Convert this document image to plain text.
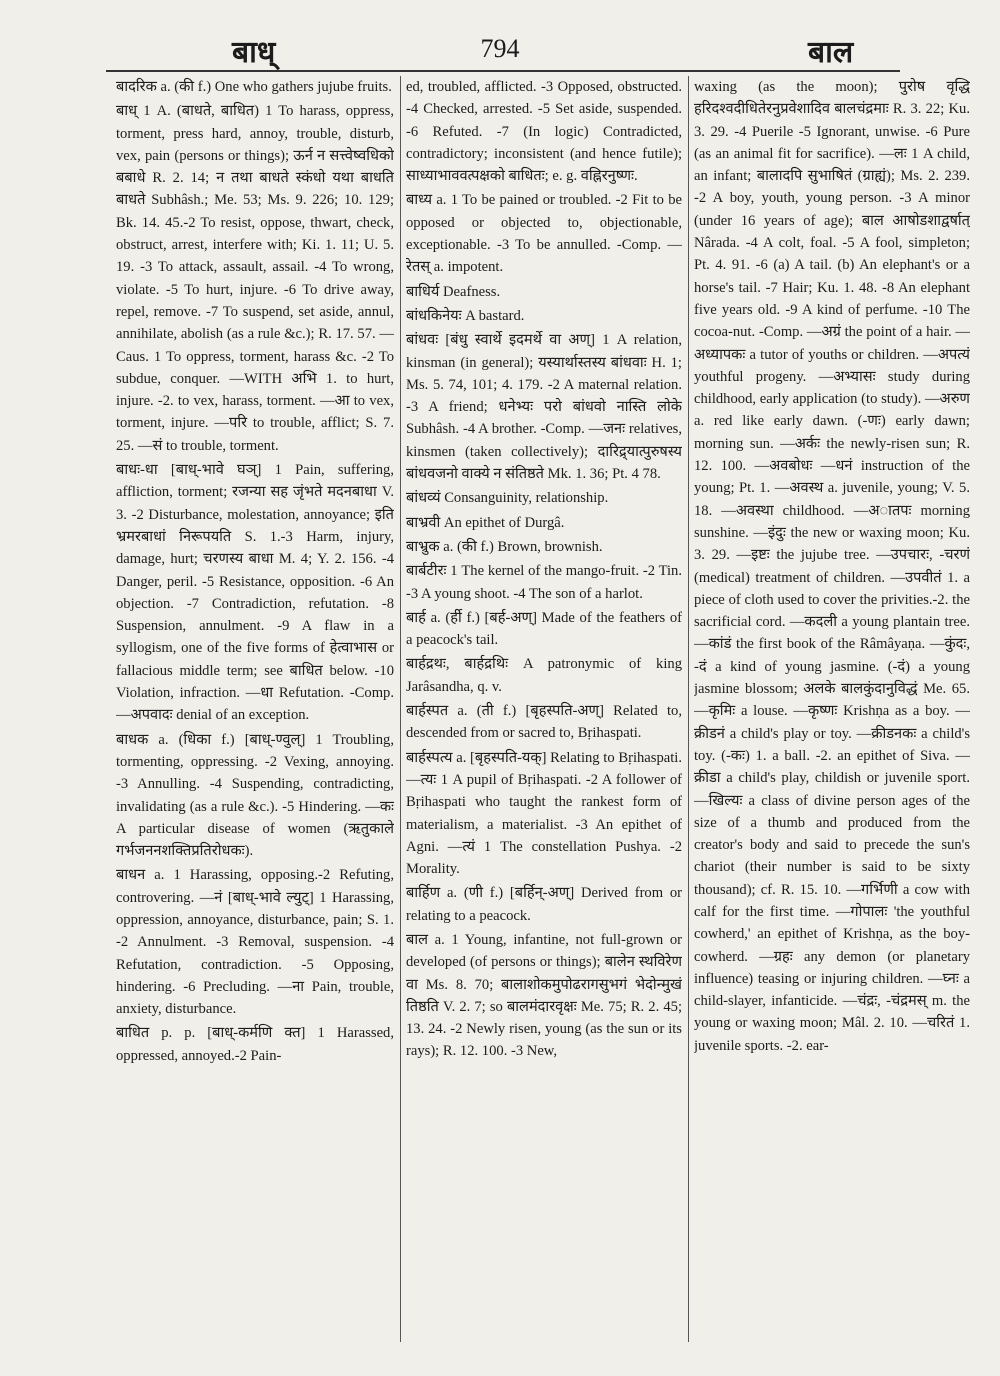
बाध्	794	बाल

बादरिक a. (की f.) One who gathers jujube fruits.

बाध् 1 A. (बाधते, बाधित) 1 To harass, oppress, torment, press hard, annoy, trouble, disturb, vex, pain (persons or things); ऊर्न न सत्त्वेष्वधिको बबाधे R. 2. 14; न तथा बाधते स्कंधो यथा बाधति बाधते Subhâsh.; Me. 53; Ms. 9. 226; 10. 129; Bk. 14. 45.-2 To resist, oppose, thwart, check, obstruct, arrest, interfere with; Ki. 1. 11; U. 5. 19. -3 To attack, assault, assail. -4 To wrong, violate. -5 To hurt, injure. -6 To drive away, repel, remove. -7 To suspend, set aside, annul, annihilate, abolish (as a rule &c.); R. 17. 57. —Caus. 1 To oppress, torment, harass &c. -2 To subdue, conquer. —WITH अभि 1. to hurt, injure. -2. to vex, harass, torment. —आ to vex, torment, injure. —परि to trouble, afflict; S. 7. 25. —सं to trouble, torment.

बाधः-धा [बाध्-भावे घञ्] 1 Pain, suffering, affliction, torment; रजन्या सह जृंभते मदनबाधा V. 3. -2 Disturbance, molestation, annoyance; इति भ्रमरबाधां निरूपयति S. 1.-3 Harm, injury, damage, hurt; चरणस्य बाधा M. 4; Y. 2. 156. -4 Danger, peril. -5 Resistance, opposition. -6 An objection. -7 Contradiction, refutation. -8 Suspension, annulment. -9 A flaw in a syllogism, one of the five forms of हेत्वाभास or fallacious middle term; see बाधित below. -10 Violation, infraction. —धा Refutation. -Comp. —अपवादः denial of an exception.

बाधक a. (धिका f.) [बाध्-ण्वुल्] 1 Troubling, tormenting, oppressing. -2 Vexing, annoying. -3 Annulling. -4 Suspending, contradicting, invalidating (as a rule &c.). -5 Hindering. —कः A particular disease of women (ऋतुकाले गर्भजननशक्तिप्रतिरोधकः).

बाधन a. 1 Harassing, opposing.-2 Refuting, controvering. —नं [बाध्-भावे ल्युट्] 1 Harassing, oppression, annoyance, disturbance, pain; S. 1. -2 Annulment. -3 Removal, suspension. -4 Refutation, contradiction. -5 Opposing, hindering. -6 Precluding. —ना Pain, trouble, anxiety, disturbance.

बाधित p. p. [बाध्-कर्मणि क्त] 1 Harassed, oppressed, annoyed.-2 Pain-

ed, troubled, afflicted. -3 Opposed, obstructed. -4 Checked, arrested. -5 Set aside, suspended. -6 Refuted. -7 (In logic) Contradicted, contradictory; inconsistent (and hence futile); साध्याभाववत्पक्षको बाधितः; e. g. वह्निरनुष्णः.

बाध्य a. 1 To be pained or troubled. -2 Fit to be opposed or objected to, objectionable, exceptionable. -3 To be annulled. -Comp. —रेतस् a. impotent.

बाधिर्य Deafness.

बांधकिनेयः A bastard.

बांधवः [बंधु स्वार्थे इदमर्थे वा अण्] 1 A relation, kinsman (in general); यस्यार्थास्तस्य बांधवाः H. 1; Ms. 5. 74, 101; 4. 179. -2 A maternal relation. -3 A friend; धनेभ्यः परो बांधवो नास्ति लोके Subhâsh. -4 A brother. -Comp. —जनः relatives, kinsmen (taken collectively); दारिद्र्यात्पुरुषस्य बांधवजनो वाक्ये न संतिष्ठते Mk. 1. 36; Pt. 4 78.

बांधव्यं Consanguinity, relationship.

बाभ्रवी An epithet of Durgâ.

बाभ्रुक a. (की f.) Brown, brownish.

बार्बटीरः 1 The kernel of the mango-fruit. -2 Tin. -3 A young shoot. -4 The son of a harlot.

बार्ह a. (र्ही f.) [बर्ह-अण्] Made of the feathers of a peacock's tail.

बार्हद्रथः, बार्हद्रथिः A patronymic of king Jarâsandha, q. v.

बार्हस्पत a. (ती f.) [बृहस्पति-अण्] Related to, descended from or sacred to, Bṛihaspati.

बार्हस्पत्य a. [बृहस्पति-यक्] Relating to Bṛihaspati. —त्यः 1 A pupil of Bṛihaspati. -2 A follower of Bṛihaspati who taught the rankest form of materialism, a materialist. -3 An epithet of Agni. —त्यं 1 The constellation Pushya. -2 Morality.

बार्हिण a. (णी f.) [बर्हिन्-अण्] Derived from or relating to a peacock.

बाल a. 1 Young, infantine, not full-grown or developed (of persons or things); बालेन स्थविरेण वा Ms. 8. 70; बालाशोकमुपोढरागसुभगं भेदोन्मुखं तिष्ठति V. 2. 7; so बालमंदारवृक्षः Me. 75; R. 2. 45; 13. 24. -2 Newly risen, young (as the sun or its rays); R. 12. 100. -3 New,

waxing (as the moon); पुरोष वृद्धि हरिदश्वदीधितेरनुप्रवेशादिव बालचंद्रमाः R. 3. 22; Ku. 3. 29. -4 Puerile -5 Ignorant, unwise. -6 Pure (as an animal fit for sacrifice). —लः 1 A child, an infant; बालादपि सुभाषितं (ग्राह्यं); Ms. 2. 239. -2 A boy, youth, young person. -3 A minor (under 16 years of age); बाल आषोडशाद्वर्षात् Nârada. -4 A colt, foal. -5 A fool, simpleton; Pt. 4. 91. -6 (a) A tail. (b) An elephant's or a horse's tail. -7 Hair; Ku. 1. 48. -8 An elephant five years old. -9 A kind of perfume. -10 The cocoa-nut. -Comp. —अग्रं the point of a hair. —अध्यापकः a tutor of youths or children. —अपत्यं youthful progeny. —अभ्यासः study during childhood, early application (to study). —अरुण a. red like early dawn. (-णः) early dawn; morning sun. —अर्कः the newly-risen sun; R. 12. 100. —अवबोधः —धनं instruction of the young; Pt. 1. —अवस्थ a. juvenile, young; V. 5. 18. —अवस्था childhood. —अातपः morning sunshine. —इंदुः the new or waxing moon; Ku. 3. 29. —इष्टः the jujube tree. —उपचारः, -चरणं (medical) treatment of children. —उपवीतं 1. a piece of cloth used to cover the privities.-2. the sacrificial cord. —कदली a young plantain tree. —कांडं the first book of the Râmâyaṇa. —कुंदः, -दं a kind of young jasmine. (-दं) a young jasmine blossom; अलके बालकुंदानुविद्धं Me. 65. —कृमिः a louse. —कृष्णः Krishṇa as a boy. —क्रीडनं a child's play or toy. —क्रीडनकः a child's toy. (-कः) 1. a ball. -2. an epithet of Siva. —क्रीडा a child's play, childish or juvenile sport. —खिल्यः a class of divine person ages of the size of a thumb and produced from the creator's body and said to precede the sun's chariot (their number is said to be sixty thousand); cf. R. 15. 10. —गर्भिणी a cow with calf for the first time. —गोपालः 'the youthful cowherd,' an epithet of Krishṇa, as the boy-cowherd. —ग्रहः any demon (or planetary influence) teasing or injuring children. —घ्नः a child-slayer, infanticide. —चंद्रः, -चंद्रमस् m. the young or waxing moon; Mâl. 2. 10. —चरितं 1. juvenile sports. -2. ear-
